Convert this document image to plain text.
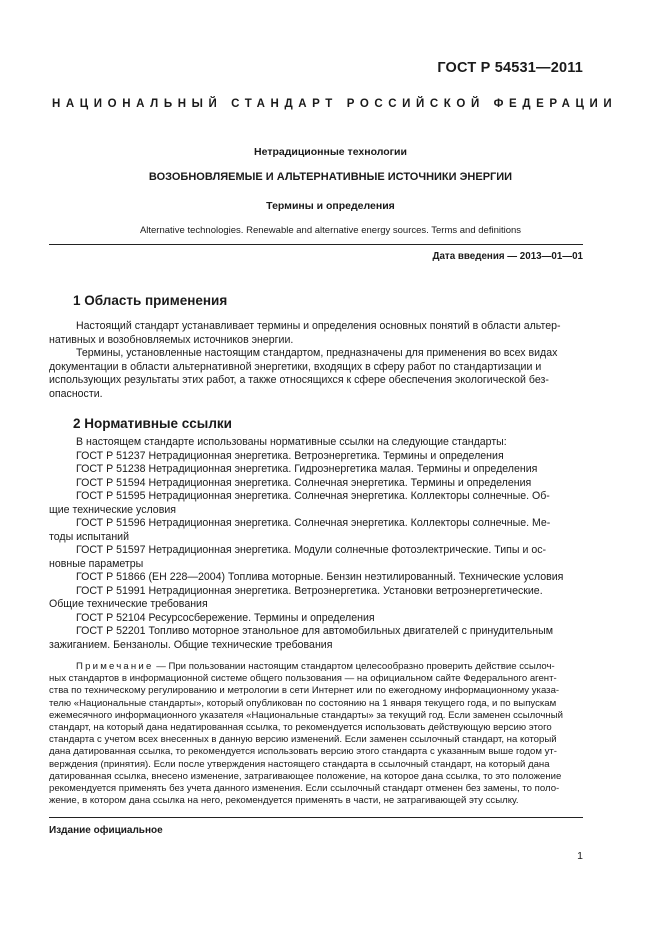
ГОСТ Р 54531—2011
НАЦИОНАЛЬНЫЙ СТАНДАРТ РОССИЙСКОЙ ФЕДЕРАЦИИ
Нетрадиционные технологии
ВОЗОБНОВЛЯЕМЫЕ И АЛЬТЕРНАТИВНЫЕ ИСТОЧНИКИ ЭНЕРГИИ
Термины и определения
Alternative technologies. Renewable and alternative energy sources. Terms and definitions
Дата введения — 2013—01—01
1 Область применения
Настоящий стандарт устанавливает термины и определения основных понятий в области альтер-
нативных и возобновляемых источников энергии.
Термины, установленные настоящим стандартом, предназначены для применения во всех видах
документации в области альтернативной энергетики, входящих в сферу работ по стандартизации и
использующих результаты этих работ, а также относящихся к сфере обеспечения экологической без-
опасности.
2 Нормативные ссылки
В настоящем стандарте использованы нормативные ссылки на следующие стандарты:
ГОСТ Р 51237 Нетрадиционная энергетика. Ветроэнергетика. Термины и определения
ГОСТ Р 51238 Нетрадиционная энергетика. Гидроэнергетика малая. Термины и определения
ГОСТ Р 51594 Нетрадиционная энергетика. Солнечная энергетика. Термины и определения
ГОСТ Р 51595 Нетрадиционная энергетика. Солнечная энергетика. Коллекторы солнечные. Об-
щие технические условия
ГОСТ Р 51596 Нетрадиционная энергетика. Солнечная энергетика. Коллекторы солнечные. Ме-
тоды испытаний
ГОСТ Р 51597 Нетрадиционная энергетика. Модули солнечные фотоэлектрические. Типы и ос-
новные параметры
ГОСТ Р 51866 (ЕН 228—2004) Топлива моторные. Бензин неэтилированный. Технические условия
ГОСТ Р 51991 Нетрадиционная энергетика. Ветроэнергетика. Установки ветроэнергетические.
Общие технические требования
ГОСТ Р 52104 Ресурсосбережение. Термины и определения
ГОСТ Р 52201 Топливо моторное этанольное для автомобильных двигателей с принудительным
зажиганием. Бензанолы. Общие технические требования
Примечание — При пользовании настоящим стандартом целесообразно проверить действие ссылоч-
ных стандартов в информационной системе общего пользования — на официальном сайте Федерального агент-
ства по техническому регулированию и метрологии в сети Интернет или по ежегодному информационному указа-
телю «Национальные стандарты», который опубликован по состоянию на 1 января текущего года, и по выпускам
ежемесячного информационного указателя «Национальные стандарты» за текущий год. Если заменен ссылочный
стандарт, на который дана недатированная ссылка, то рекомендуется использовать действующую версию этого
стандарта с учетом всех внесенных в данную версию изменений. Если заменен ссылочный стандарт, на который
дана датированная ссылка, то рекомендуется использовать версию этого стандарта с указанным выше годом ут-
верждения (принятия). Если после утверждения настоящего стандарта в ссылочный стандарт, на который дана
датированная ссылка, внесено изменение, затрагивающее положение, на которое дана ссылка, то это положение
рекомендуется применять без учета данного изменения. Если ссылочный стандарт отменен без замены, то поло-
жение, в котором дана ссылка на него, рекомендуется применять в части, не затрагивающей эту ссылку.
Издание официальное
1
